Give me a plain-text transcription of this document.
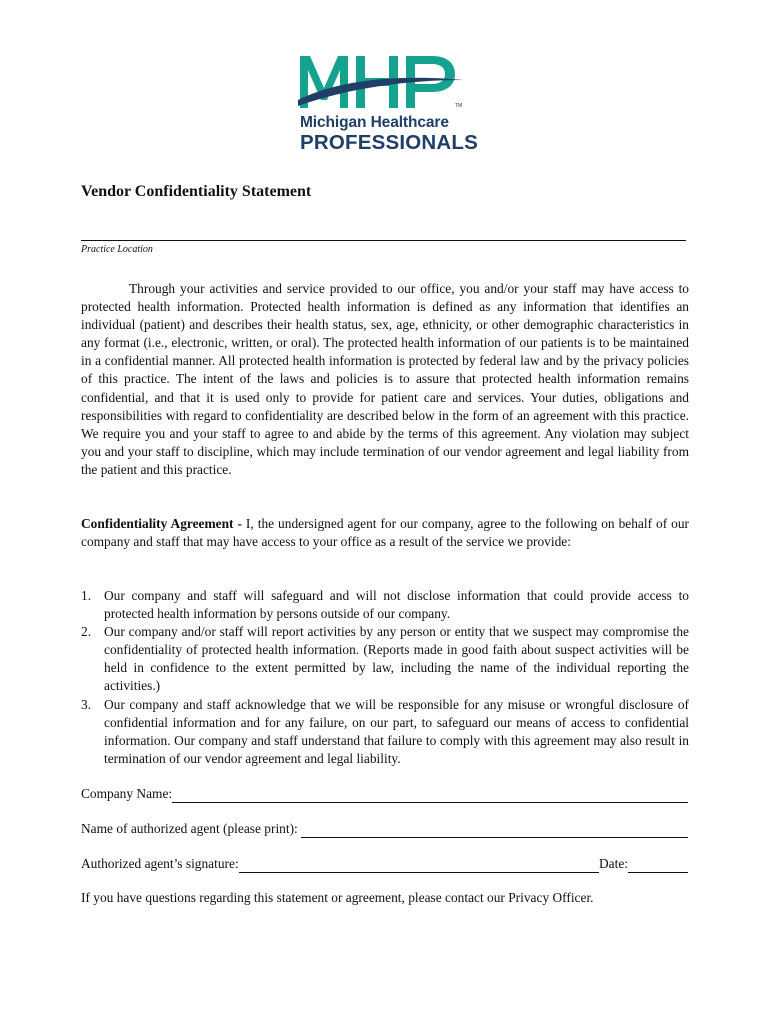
TM
Michigan Healthcare
PROFESSIONALS
Vendor Confidentiality Statement
Practice Location

Through your activities and service provided to our office, you and/or your staff may have access to protected health information. Protected health information is defined as any information that identifies an individual (patient) and describes their health status, sex, age, ethnicity, or other demographic characteristics in any format (i.e., electronic, written, or oral). The protected health information of our patients is to be maintained in a confidential manner. All protected health information is protected by federal law and by the privacy policies of this practice. The intent of the laws and policies is to assure that protected health information remains confidential, and that it is used only to provide for patient care and services. Your duties, obligations and responsibilities with regard to confidentiality are described below in the form of an agreement with this practice. We require you and your staff to agree to and abide by the terms of this agreement. Any violation may subject you and your staff to discipline, which may include termination of our vendor agreement and legal liability from the patient and this practice.

Confidentiality Agreement - I, the undersigned agent for our company, agree to the following on behalf of our company and staff that may have access to your office as a result of the service we provide:

1. Our company and staff will safeguard and will not disclose information that could provide access to protected health information by persons outside of our company.
2. Our company and/or staff will report activities by any person or entity that we suspect may compromise the confidentiality of protected health information. (Reports made in good faith about suspect activities will be held in confidence to the extent permitted by law, including the name of the individual reporting the activities.)
3. Our company and staff acknowledge that we will be responsible for any misuse or wrongful disclosure of confidential information and for any failure, on our part, to safeguard our means of access to confidential information. Our company and staff understand that failure to comply with this agreement may also result in termination of our vendor agreement and legal liability.
Company Name:
Name of authorized agent (please print):
Authorized agent’s signature:	Date:

If you have questions regarding this statement or agreement, please contact our Privacy Officer.
